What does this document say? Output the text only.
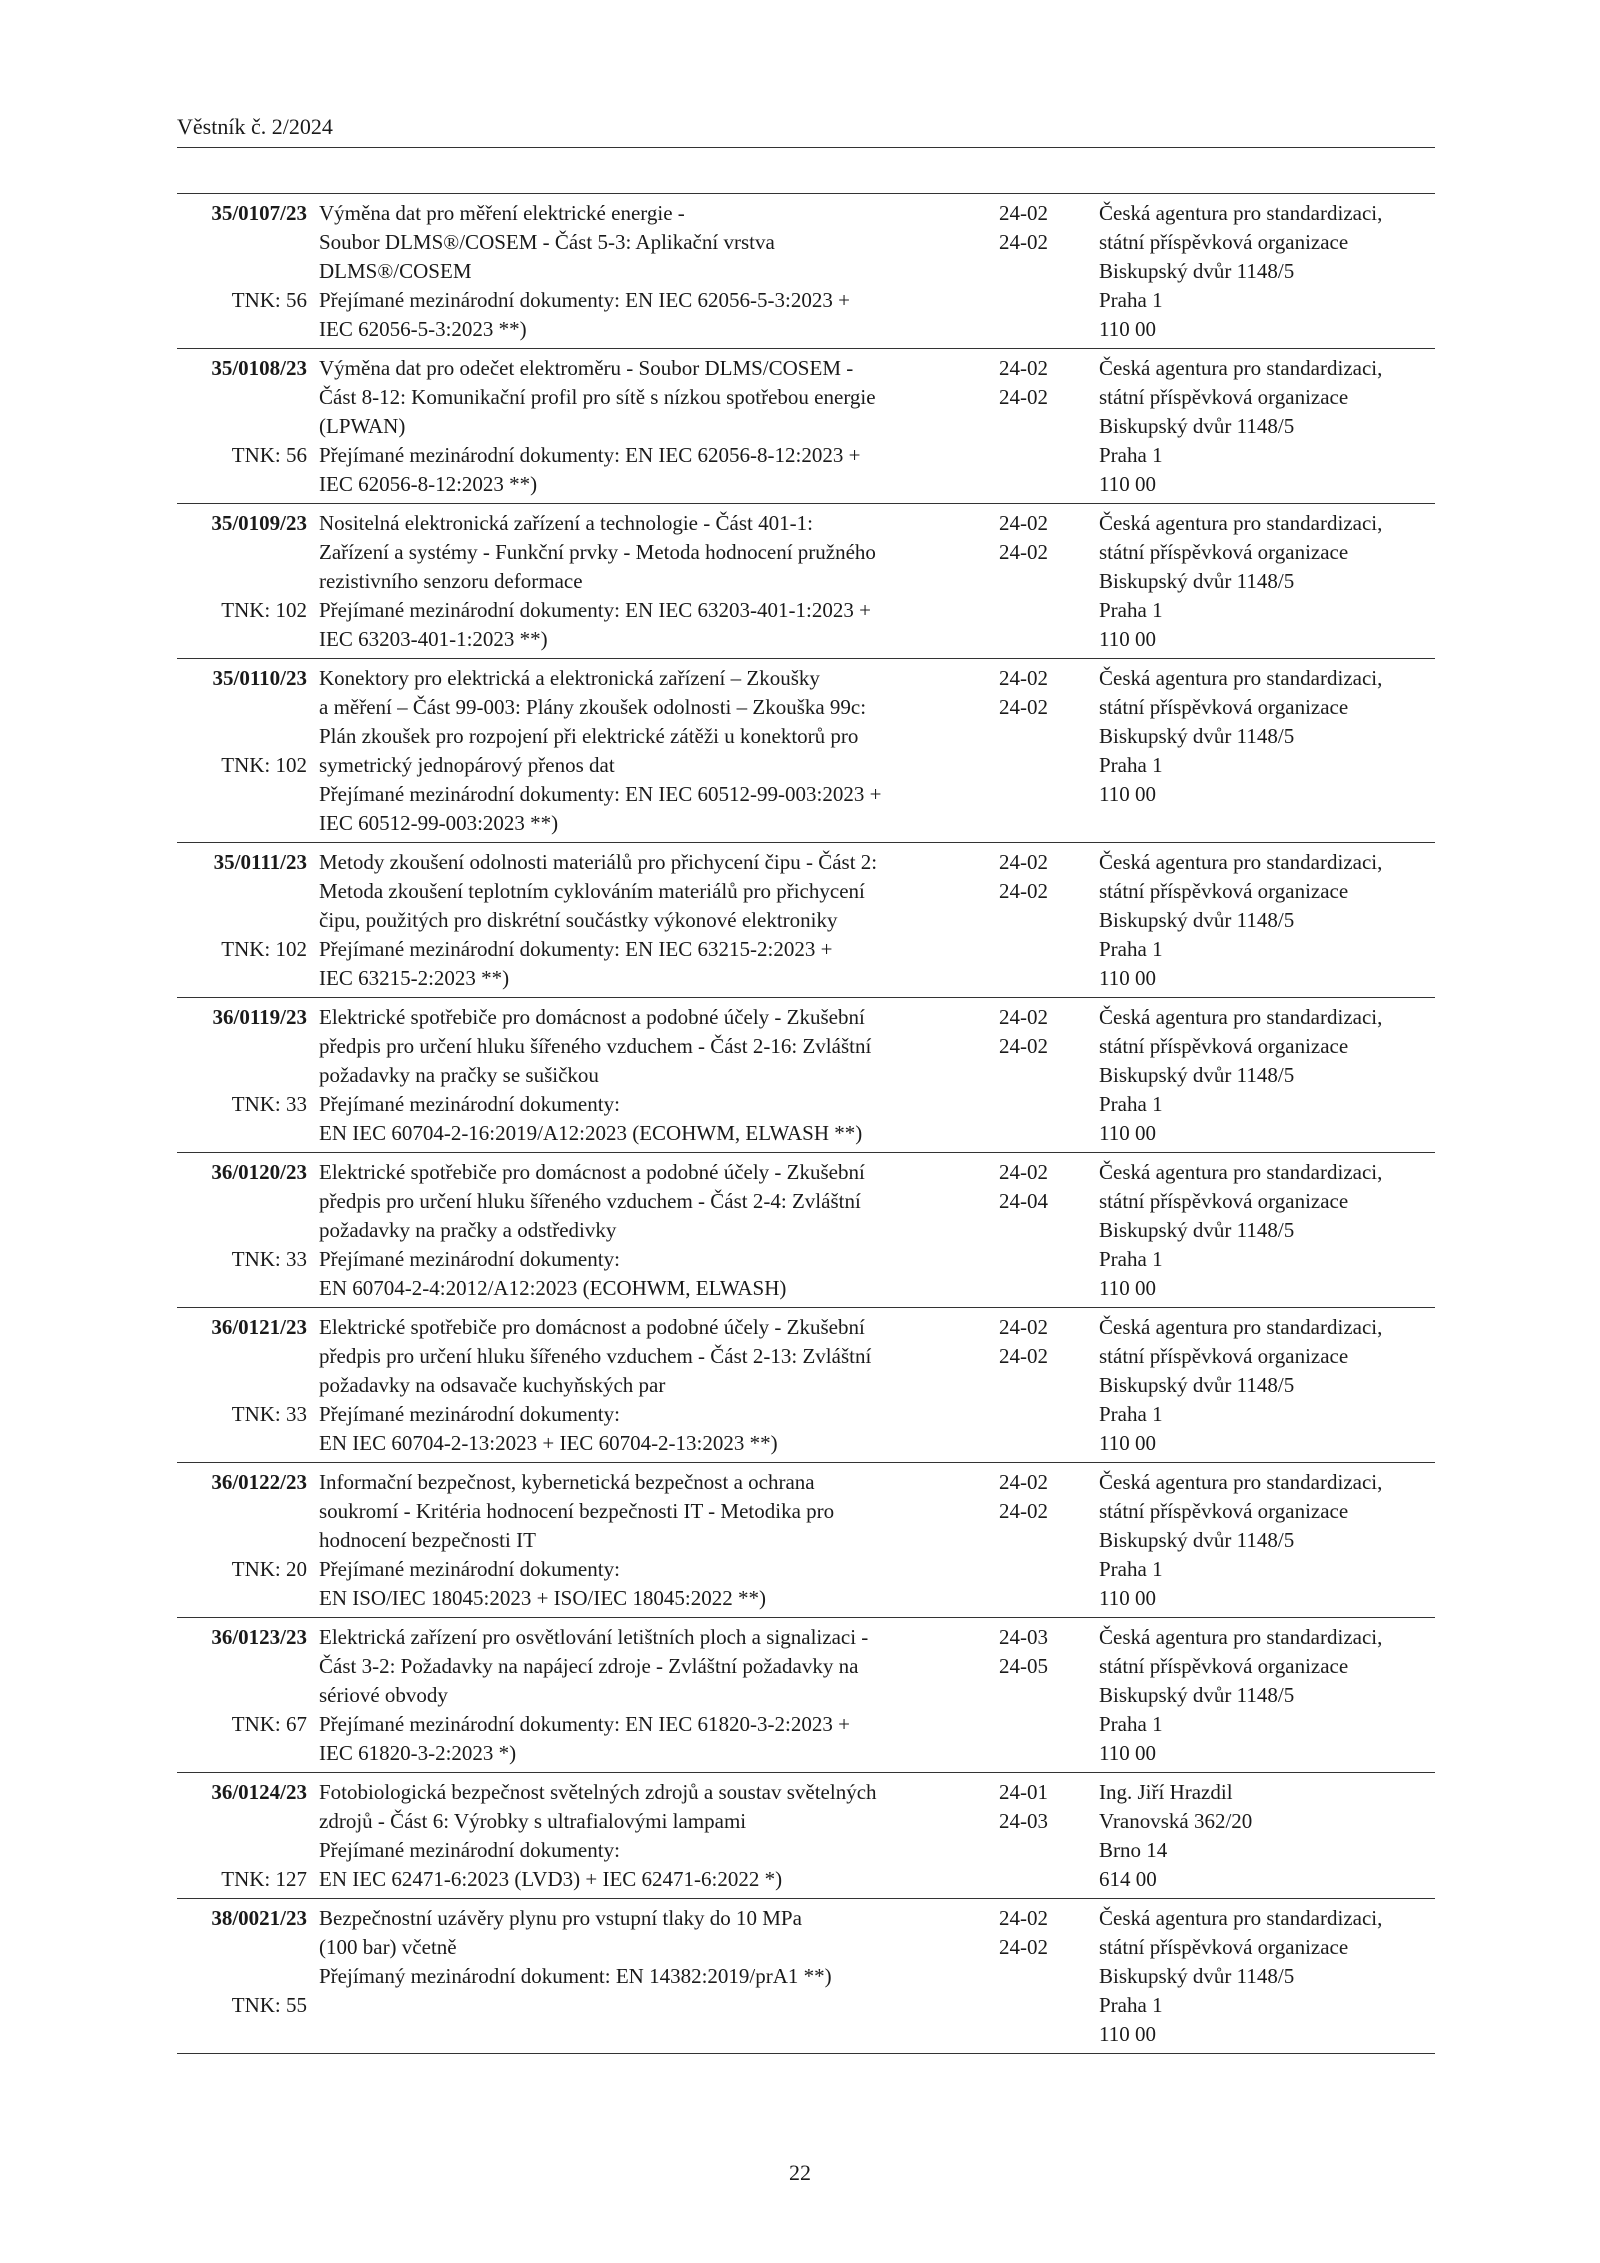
Věstník č. 2/2024
35/0107/23

TNK: 56
Výměna dat pro měření elektrické energie -
Soubor DLMS®/COSEM - Část 5-3: Aplikační vrstva
DLMS®/COSEM
Přejímané mezinárodní dokumenty: EN IEC 62056-5-3:2023 +
IEC 62056-5-3:2023 **)
24-02
24-02
Česká agentura pro standardizaci,
státní příspěvková organizace
Biskupský dvůr 1148/5
Praha 1
110 00
35/0108/23

TNK: 56
Výměna dat pro odečet elektroměru - Soubor DLMS/COSEM -
Část 8-12: Komunikační profil pro sítě s nízkou spotřebou energie
(LPWAN)
Přejímané mezinárodní dokumenty: EN IEC 62056-8-12:2023 +
IEC 62056-8-12:2023 **)
24-02
24-02
Česká agentura pro standardizaci,
státní příspěvková organizace
Biskupský dvůr 1148/5
Praha 1
110 00
35/0109/23

TNK: 102
Nositelná elektronická zařízení a technologie - Část 401-1:
Zařízení a systémy - Funkční prvky - Metoda hodnocení pružného
rezistivního senzoru deformace
Přejímané mezinárodní dokumenty: EN IEC 63203-401-1:2023 +
IEC 63203-401-1:2023 **)
24-02
24-02
Česká agentura pro standardizaci,
státní příspěvková organizace
Biskupský dvůr 1148/5
Praha 1
110 00
35/0110/23

TNK: 102
Konektory pro elektrická a elektronická zařízení – Zkoušky
a měření – Část 99-003: Plány zkoušek odolnosti – Zkouška 99c:
Plán zkoušek pro rozpojení při elektrické zátěži u konektorů pro
symetrický jednopárový přenos dat
Přejímané mezinárodní dokumenty: EN IEC 60512-99-003:2023 +
IEC 60512-99-003:2023 **)
24-02
24-02
Česká agentura pro standardizaci,
státní příspěvková organizace
Biskupský dvůr 1148/5
Praha 1
110 00
35/0111/23

TNK: 102
Metody zkoušení odolnosti materiálů pro přichycení čipu - Část 2:
Metoda zkoušení teplotním cyklováním materiálů pro přichycení
čipu, použitých pro diskrétní součástky výkonové elektroniky
Přejímané mezinárodní dokumenty: EN IEC 63215-2:2023 +
IEC 63215-2:2023 **)
24-02
24-02
Česká agentura pro standardizaci,
státní příspěvková organizace
Biskupský dvůr 1148/5
Praha 1
110 00
36/0119/23

TNK: 33
Elektrické spotřebiče pro domácnost a podobné účely - Zkušební
předpis pro určení hluku šířeného vzduchem - Část 2-16: Zvláštní
požadavky na pračky se sušičkou
Přejímané mezinárodní dokumenty:
EN IEC 60704-2-16:2019/A12:2023 (ECOHWM, ELWASH **)
24-02
24-02
Česká agentura pro standardizaci,
státní příspěvková organizace
Biskupský dvůr 1148/5
Praha 1
110 00
36/0120/23

TNK: 33
Elektrické spotřebiče pro domácnost a podobné účely - Zkušební
předpis pro určení hluku šířeného vzduchem - Část 2-4: Zvláštní
požadavky na pračky a odstředivky
Přejímané mezinárodní dokumenty:
EN 60704-2-4:2012/A12:2023 (ECOHWM, ELWASH)
24-02
24-04
Česká agentura pro standardizaci,
státní příspěvková organizace
Biskupský dvůr 1148/5
Praha 1
110 00
36/0121/23

TNK: 33
Elektrické spotřebiče pro domácnost a podobné účely - Zkušební
předpis pro určení hluku šířeného vzduchem - Část 2-13: Zvláštní
požadavky na odsavače kuchyňských par
Přejímané mezinárodní dokumenty:
EN IEC 60704-2-13:2023 + IEC 60704-2-13:2023 **)
24-02
24-02
Česká agentura pro standardizaci,
státní příspěvková organizace
Biskupský dvůr 1148/5
Praha 1
110 00
36/0122/23

TNK: 20
Informační bezpečnost, kybernetická bezpečnost a ochrana
soukromí - Kritéria hodnocení bezpečnosti IT - Metodika pro
hodnocení bezpečnosti IT
Přejímané mezinárodní dokumenty:
EN ISO/IEC 18045:2023 + ISO/IEC 18045:2022 **)
24-02
24-02
Česká agentura pro standardizaci,
státní příspěvková organizace
Biskupský dvůr 1148/5
Praha 1
110 00
36/0123/23

TNK: 67
Elektrická zařízení pro osvětlování letištních ploch a signalizaci -
Část 3-2: Požadavky na napájecí zdroje - Zvláštní požadavky na
sériové obvody
Přejímané mezinárodní dokumenty: EN IEC 61820-3-2:2023 +
IEC 61820-3-2:2023 *)
24-03
24-05
Česká agentura pro standardizaci,
státní příspěvková organizace
Biskupský dvůr 1148/5
Praha 1
110 00
36/0124/23

TNK: 127
Fotobiologická bezpečnost světelných zdrojů a soustav světelných
zdrojů - Část 6: Výrobky s ultrafialovými lampami
Přejímané mezinárodní dokumenty:
EN IEC 62471-6:2023 (LVD3) + IEC 62471-6:2022 *)
24-01
24-03
Ing. Jiří Hrazdil
Vranovská 362/20
Brno 14
614 00
38/0021/23

TNK: 55
Bezpečnostní uzávěry plynu pro vstupní tlaky do 10 MPa
(100 bar) včetně
Přejímaný mezinárodní dokument: EN 14382:2019/prA1 **)
24-02
24-02
Česká agentura pro standardizaci,
státní příspěvková organizace
Biskupský dvůr 1148/5
Praha 1
110 00
22
